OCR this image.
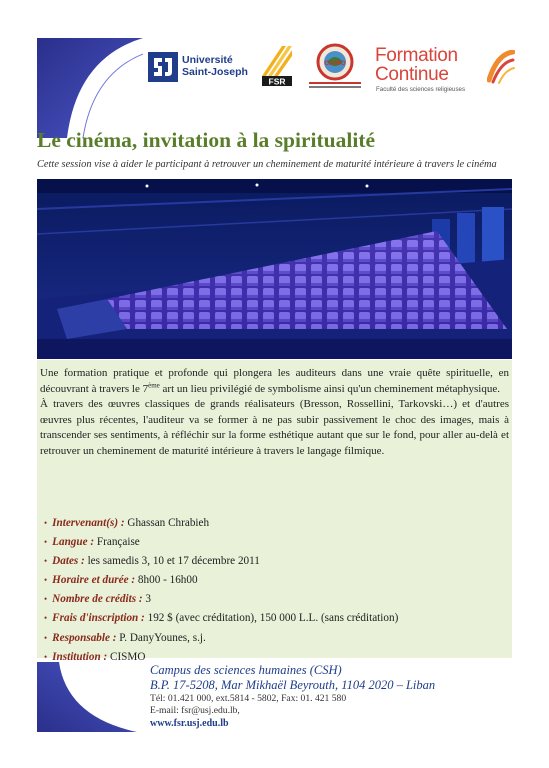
Université
Saint-Joseph
FSR
CISMO Formation
Continue
Faculté des sciences religieuses
Le cinéma, invitation à la spiritualité
Cette session vise à aider le participant à retrouver un cheminement de maturité intérieure à travers le cinéma

Une formation pratique et profonde qui plongera les auditeurs dans une vraie quête spirituelle, en découvrant à travers le 7ème art un lieu privilégié de symbolisme ainsi qu'un cheminement métaphysique.

À travers des œuvres classiques de grands réalisateurs (Bresson, Rossellini, Tarkovski…) et d'autres œuvres plus récentes, l'auditeur va se former à ne pas subir passivement le choc des images, mais à transcender ses sentiments, à réfléchir sur la forme esthétique autant que sur le fond, pour aller au-delà et retrouver un cheminement de maturité intérieure à travers le langage filmique.

• Intervenant(s) : Ghassan Chrabieh
• Langue : Française
• Dates : les samedis 3, 10 et 17 décembre 2011
• Horaire et durée : 8h00 - 16h00
• Nombre de crédits : 3
• Frais d'inscription : 192 $ (avec créditation), 150 000 L.L. (sans créditation)
• Responsable : P. DanyYounes, s.j.
• Institution : CISMO
Campus des sciences humaines (CSH)
B.P. 17-5208, Mar Mikhaël Beyrouth, 1104 2020 – Liban
Tél: 01.421 000, ext.5814 - 5802, Fax: 01. 421 580
E-mail: fsr@usj.edu.lb,
www.fsr.usj.edu.lb
